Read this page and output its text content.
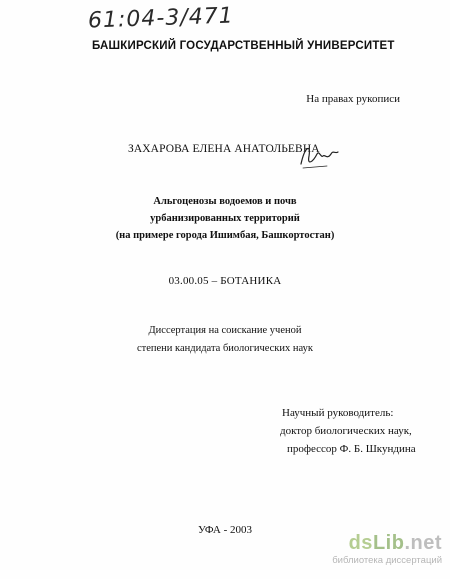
61:04-3/471
БАШКИРСКИЙ ГОСУДАРСТВЕННЫЙ УНИВЕРСИТЕТ
На правах рукописи
ЗАХАРОВА ЕЛЕНА АНАТОЛЬЕВНА
Альгоценозы водоемов и почв
урбанизированных территорий
(на примере города Ишимбая, Башкортостан)
03.00.05 – БОТАНИКА
Диссертация на соискание ученой
степени кандидата биологических наук
Научный руководитель:
доктор биологических наук,
профессор Ф. Б. Шкундина
УФА - 2003
dsLib.net
библиотека диссертаций
